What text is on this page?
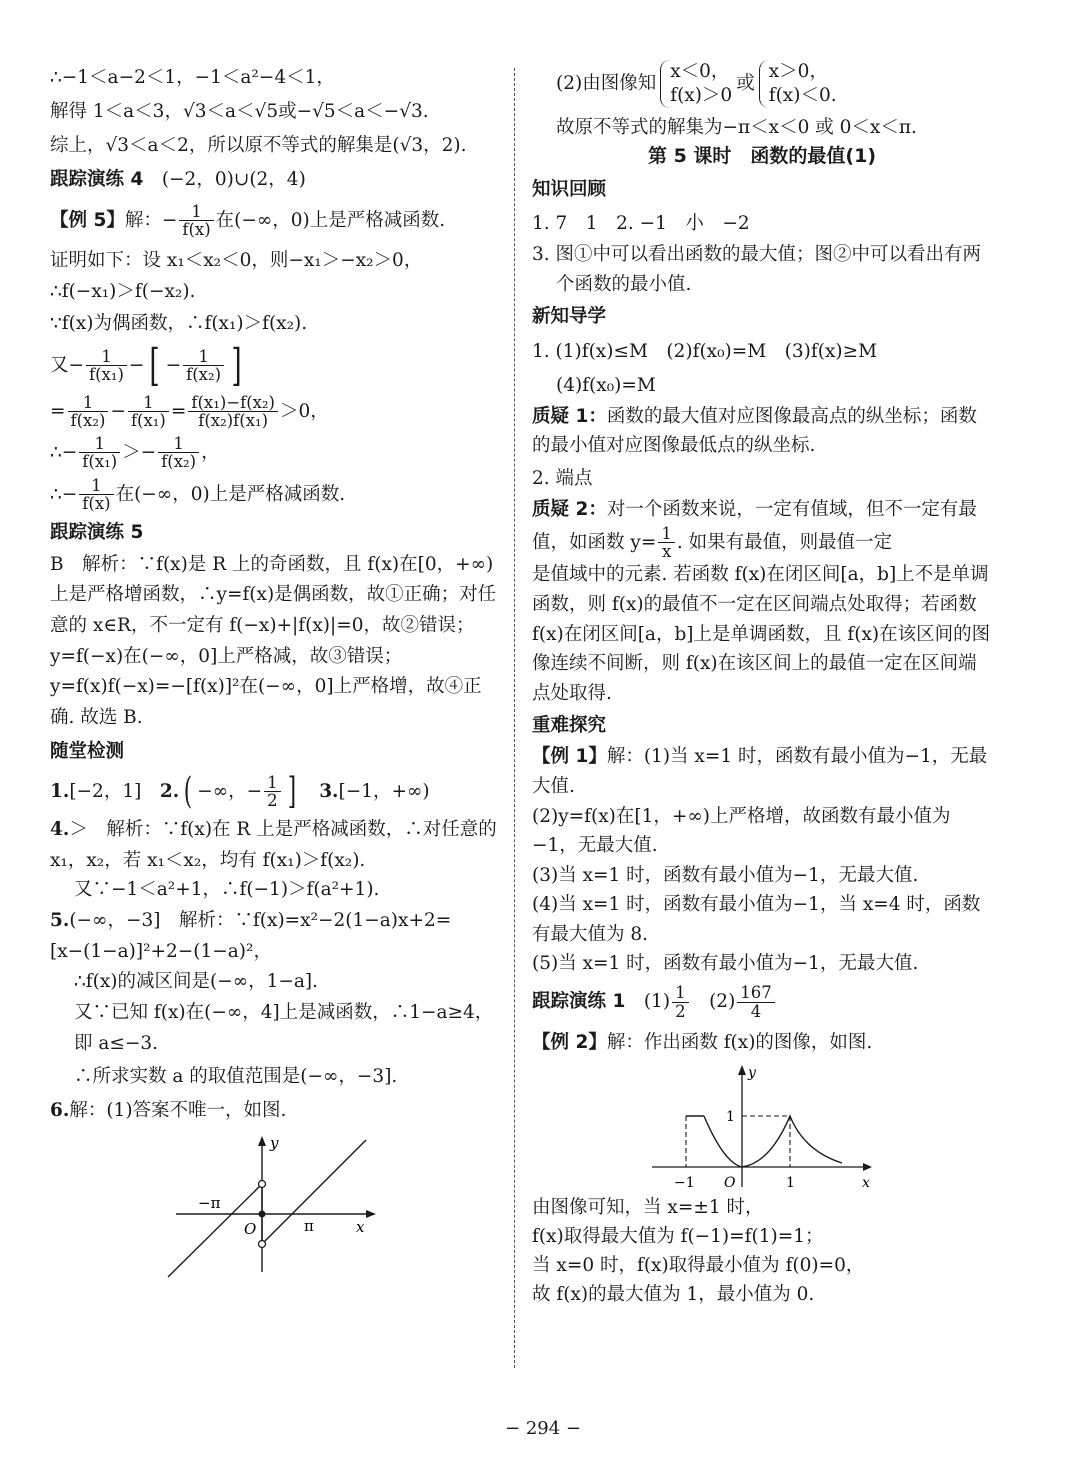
∴−1＜a−2＜1，−1＜a²−4＜1，

解得 1＜a＜3，√3＜a＜√5或−√5＜a＜−√3.

综上，√3＜a＜2，所以原不等式的解集是(√3，2).

跟踪演练 4　 (−2，0)∪(2，4)

【例 5】解：− $\frac{1}{f(x)}$ 在(−∞，0)上是严格减函数.

证明如下：设 x₁＜x₂＜0，则−x₁＞−x₂＞0，

∴f(−x₁)＞f(−x₂).

∵f(x)为偶函数，∴f(x₁)＞f(x₂).

又− $\frac{1}{\text{f(x₁)}}$ − [ − $\frac{1}{\text{f(x₂)}}$ ]

= $\frac{1}{\text{f(x₂)}} - \frac{1}{\text{f(x₁)}} = \frac{\text{f(x₁)−f(x₂)}}{\text{f(x₂)f(x₁)}} >0$，

∴− $\frac{1}{\text{f(x₁)}} >- \frac{1}{\text{f(x₂)}}$ ，

∴− $\frac{1}{f(x)}$ 在(−∞，0)上是严格减函数.

跟踪演练 5

B　解析：∵f(x)是 R 上的奇函数，且 f(x)在[0，+∞)上是严格增函数，∴y=f(x)是偶函数，故①正确；对任意的 x∈R，不一定有 f(−x)+|f(x)|=0，故②错误；y=f(−x)在(−∞，0]上严格减，故③错误；y=f(x)f(−x)=−[f(x)]²在(−∞，0]上严格增，故④正确. 故选 B.

随堂检测

1.[−2，1]　 2. ( −∞，− $\frac{1}{2}$ ]　 3.[−1，+∞)

4.＞　解析：∵f(x)在 R 上是严格减函数，∴对任意的 x₁，x₂，若 x₁＜x₂，均有 f(x₁)＞f(x₂).

又∵−1＜a²+1，∴f(−1)＞f(a²+1).

5.(−∞，−3]　解析：∵f(x)=x²−2(1−a)x+2=[x−(1−a)]²+2−(1−a)²，

∴f(x)的减区间是(−∞，1−a].

又∵已知 f(x)在(−∞，4]上是减函数，∴1−a≥4，即 a≤−3.

∴所求实数 a 的取值范围是(−∞，−3].

6.解：(1)答案不唯一，如图.

y
x
O
−π
π

(2)由图像知
x＜0，
f(x)＞0
或
x＞0，
f(x)＜0.

故原不等式的解集为−π＜x＜0 或 0＜x＜π.

第 5 课时　函数的最值(1)

知识回顾

1. 7　1　2. −1　小　−2

3. 图①中可以看出函数的最大值；图②中可以看出有两个函数的最小值.

新知导学

1. (1)f(x)≤M　(2)f(x₀)=M　(3)f(x)≥M

(4)f(x₀)=M

质疑 1：函数的最大值对应图像最高点的纵坐标；函数的最小值对应图像最低点的纵坐标.

2. 端点

质疑 2：对一个函数来说，一定有值域，但不一定有最值，如函数 $y= \frac{1}{x}$ . 如果有最值，则最值一定

是值域中的元素. 若函数 f(x)在闭区间[a，b]上不是单调函数，则 f(x)的最值不一定在区间端点处取得；若函数 f(x)在闭区间[a，b]上是单调函数，且 f(x)在该区间的图像连续不间断，则 f(x)在该区间上的最值一定在区间端点处取得.

重难探究

【例 1】解：(1)当 x=1 时，函数有最小值为−1，无最大值.

(2)y=f(x)在[1，+∞)上严格增，故函数有最小值为−1，无最大值.

(3)当 x=1 时，函数有最小值为−1，无最大值.

(4)当 x=1 时，函数有最小值为−1，当 x=4 时，函数有最大值为 8.

(5)当 x=1 时，函数有最小值为−1，无最大值.

跟踪演练 1　 $(1) \frac{1}{2}$
　 $(2) \frac{167}{4}$

【例 2】解：作出函数 f(x)的图像，如图.

y
x
1
−1 O	1

由图像可知，当 x=±1 时，

f(x)取得最大值为 f(−1)=f(1)=1；

当 x=0 时，f(x)取得最小值为 f(0)=0，

故 f(x)的最大值为 1，最小值为 0.

− 294 −
